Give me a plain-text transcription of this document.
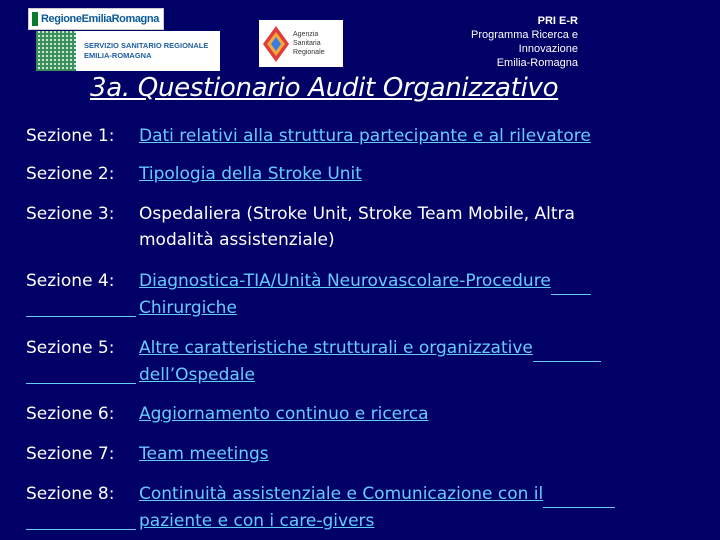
RegioneEmiliaRomagna
SERVIZIO SANITARIO REGIONALE
EMILIA-ROMAGNA
Agenzia
Sanitaria
Regionale
PRI E-R
Programma Ricerca e
Innovazione
Emilia-Romagna
3a. Questionario Audit Organizzativo
Sezione 1: Dati relativi alla struttura partecipante e al rilevatore
Sezione 2: Tipologia della Stroke Unit
Sezione 3: Ospedaliera (Stroke Unit, Stroke Team Mobile, Altra
modalità assistenziale)
Sezione 4: Diagnostica-TIA/Unità Neurovascolare-Procedure
Chirurgiche
Sezione 5: Altre caratteristiche strutturali e organizzative
dell’Ospedale
Sezione 6: Aggiornamento continuo e ricerca
Sezione 7: Team meetings
Sezione 8: Continuità assistenziale e Comunicazione con il
paziente e con i care-givers
